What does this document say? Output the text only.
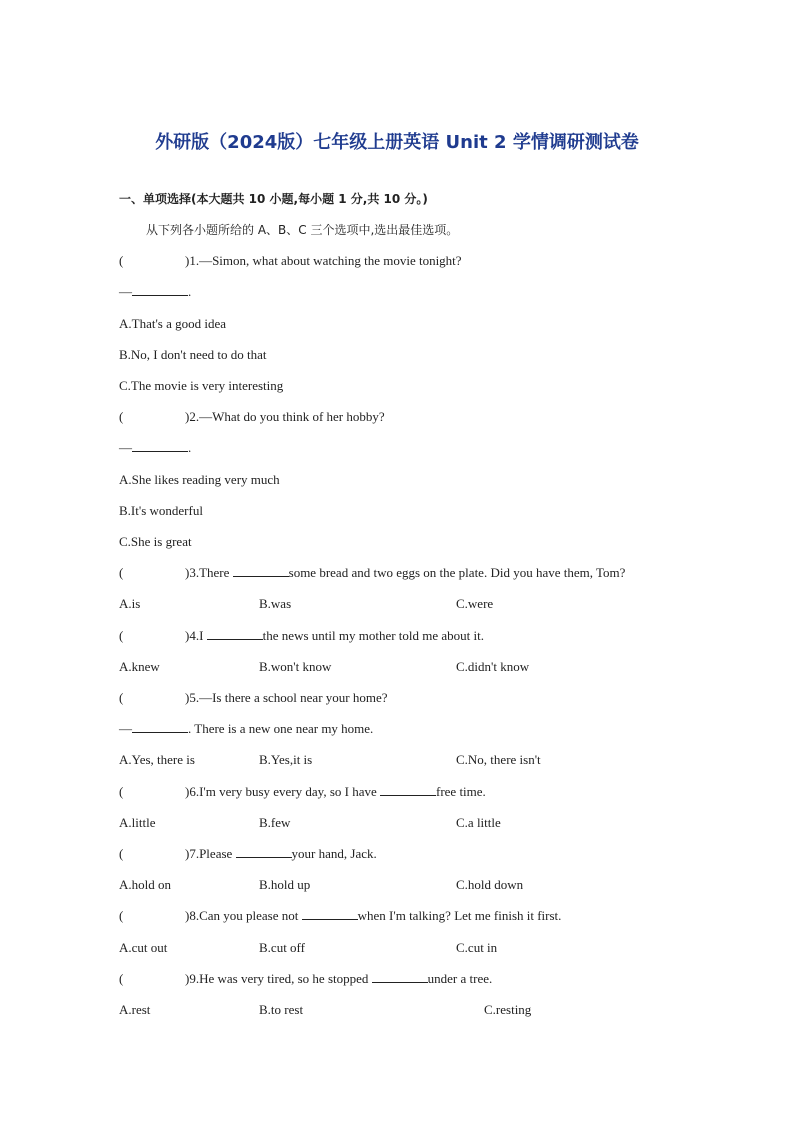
外研版（2024版）七年级上册英语 Unit 2 学情调研测试卷
一、单项选择(本大题共 10 小题,每小题 1 分,共 10 分。)
从下列各小题所给的 A、B、C 三个选项中,选出最佳选项。
(	)1.—Simon, what about watching the movie tonight?
—	.
A.That's a good idea
B.No, I don't need to do that
C.The movie is very interesting
(	)2.—What do you think of her hobby?
—	.
A.She likes reading very much
B.It's wonderful
C.She is great
(	)3.There	some bread and two eggs on the plate. Did you have them, Tom?
A.is	B.was	C.were
(	)4.I	the news until my mother told me about it.
A.knew	B.won't know	C.didn't know
(	)5.—Is there a school near your home?
—	. There is a new one near my home.
A.Yes, there is	B.Yes,it is	C.No, there isn't
(	)6.I'm very busy every day, so I have	free time.
A.little	B.few	C.a little
(	)7.Please	your hand, Jack.
A.hold on	B.hold up	C.hold down
(	)8.Can you please not	when I'm talking? Let me finish it first.
A.cut out	B.cut off	C.cut in
(	)9.He was very tired, so he stopped	under a tree.
A.rest	B.to rest	C.resting
